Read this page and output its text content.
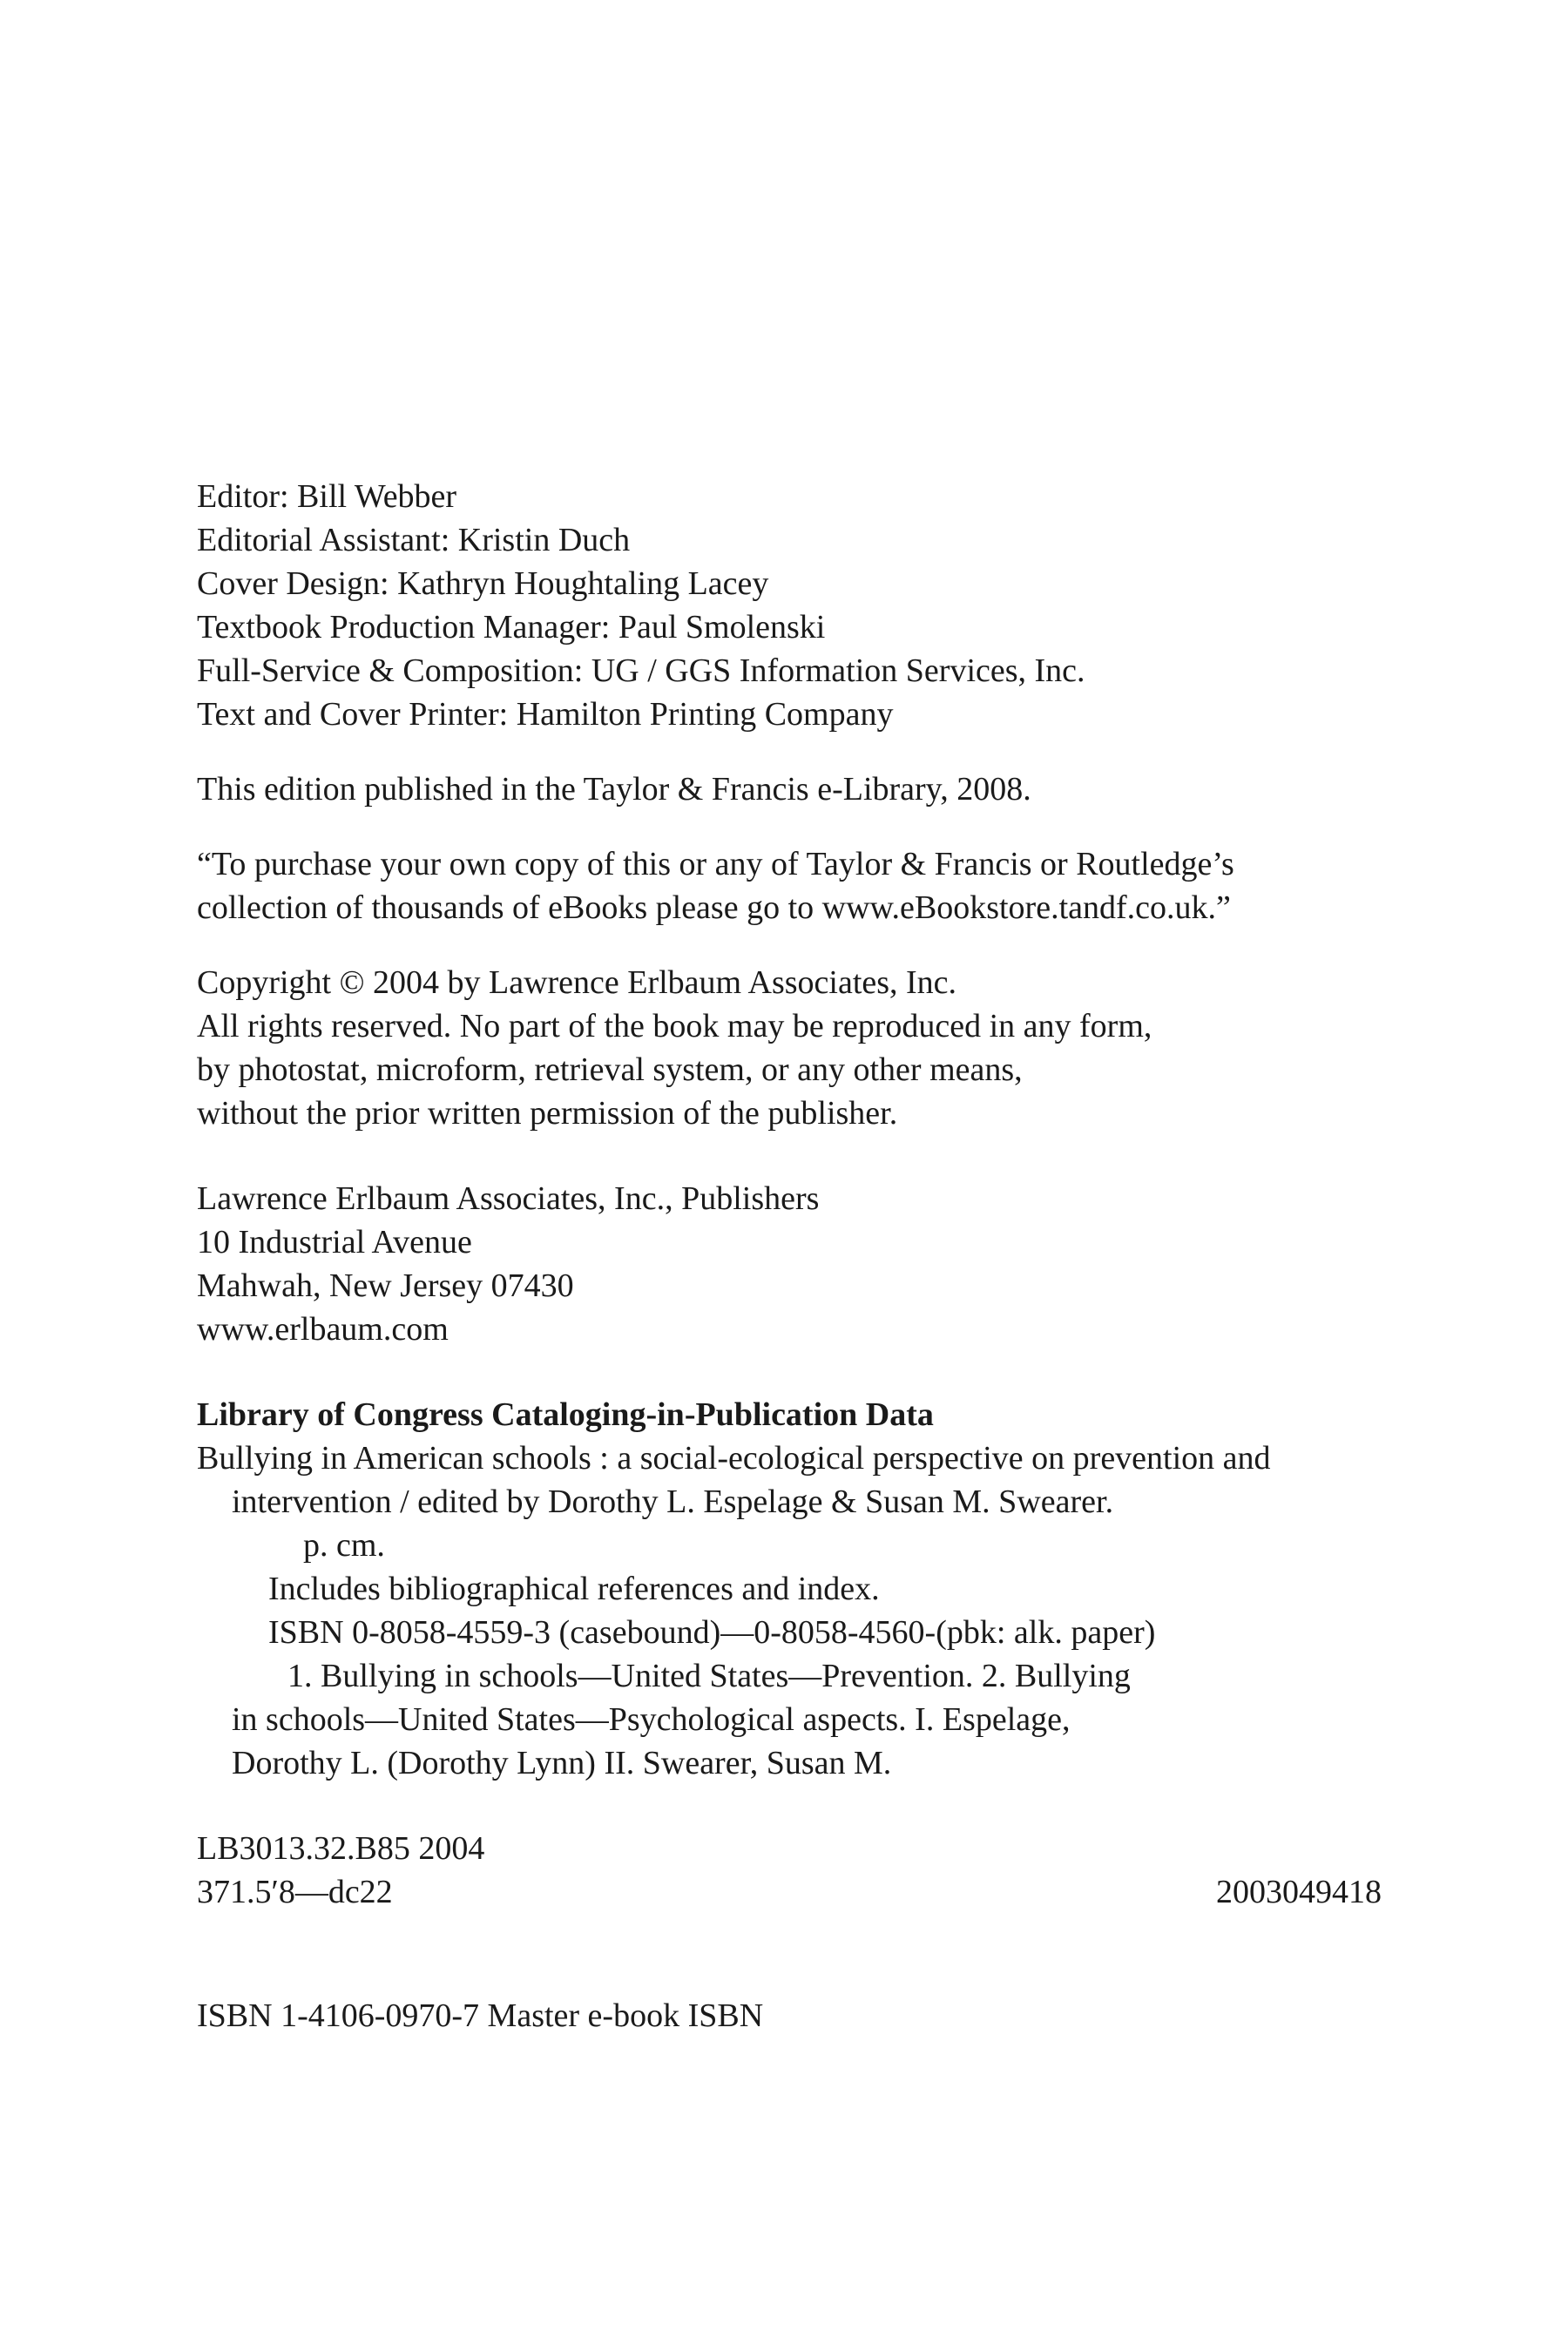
Editor: Bill Webber
Editorial Assistant: Kristin Duch
Cover Design: Kathryn Houghtaling Lacey
Textbook Production Manager: Paul Smolenski
Full-Service & Composition: UG / GGS Information Services, Inc.
Text and Cover Printer: Hamilton Printing Company
This edition published in the Taylor & Francis e-Library, 2008.
“To purchase your own copy of this or any of Taylor & Francis or Routledge’s
collection of thousands of eBooks please go to www.eBookstore.tandf.co.uk.”
Copyright © 2004 by Lawrence Erlbaum Associates, Inc.
All rights reserved. No part of the book may be reproduced in any form,
by photostat, microform, retrieval system, or any other means,
without the prior written permission of the publisher.
Lawrence Erlbaum Associates, Inc., Publishers
10 Industrial Avenue
Mahwah, New Jersey 07430
www.erlbaum.com
Library of Congress Cataloging-in-Publication Data
Bullying in American schools : a social-ecological perspective on prevention and
intervention / edited by Dorothy L. Espelage & Susan M. Swearer.
p. cm.
Includes bibliographical references and index.
ISBN 0-8058-4559-3 (casebound)—0-8058-4560-(pbk: alk. paper)
1. Bullying in schools—United States—Prevention. 2. Bullying
in schools—United States—Psychological aspects. I. Espelage,
Dorothy L. (Dorothy Lynn) II. Swearer, Susan M.
LB3013.32.B85 2004
371.5′8—dc22	2003049418
ISBN 1-4106-0970-7 Master e-book ISBN
